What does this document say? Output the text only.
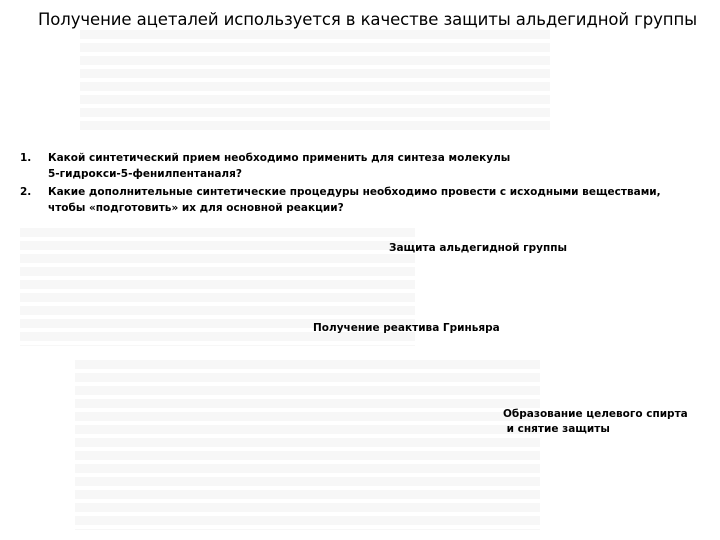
Получение ацеталей используется в качестве защиты альдегидной группы
1.	Какой синтетический прием необходимо применить для синтеза молекулы
5-гидрокси-5-фенилпентаналя?
2.	Какие дополнительные синтетические процедуры необходимо провести с исходными веществами,
чтобы «подготовить» их для основной реакции?
Защита альдегидной группы
Получение реактива Гриньяра
Образование целевого спирта
и снятие защиты
